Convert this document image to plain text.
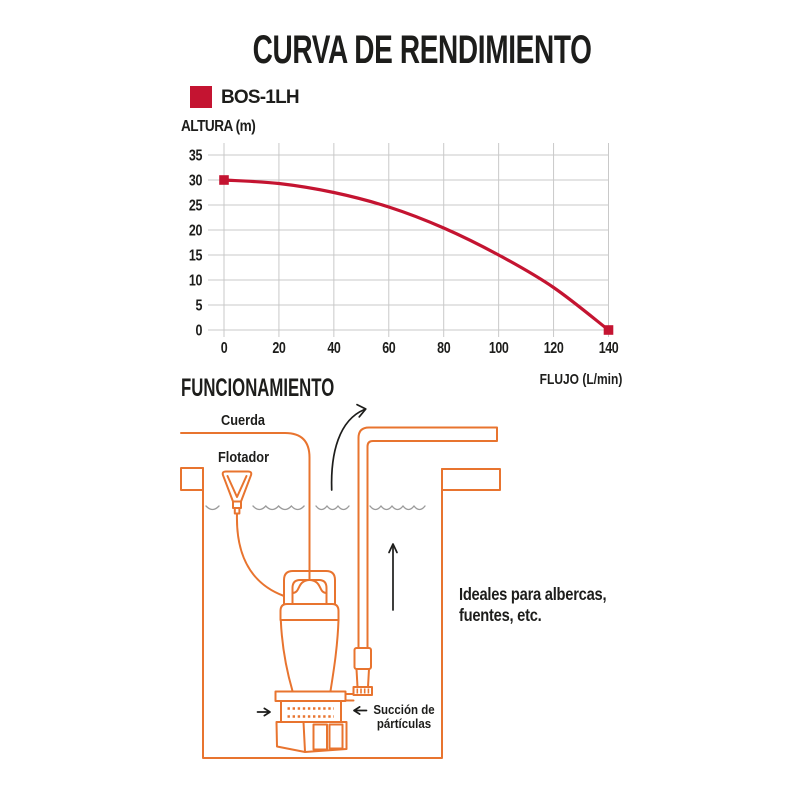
CURVA DE RENDIMIENTO
BOS-1LH
ALTURA (m)
FLUJO (L/min)
FUNCIONAMIENTO
Cuerda
Flotador
Succión de
pártículas
Ideales para albercas,
fuentes, etc.
0
5
10
15
20
25
30
35
0	20	40	60	80 100 120 140
